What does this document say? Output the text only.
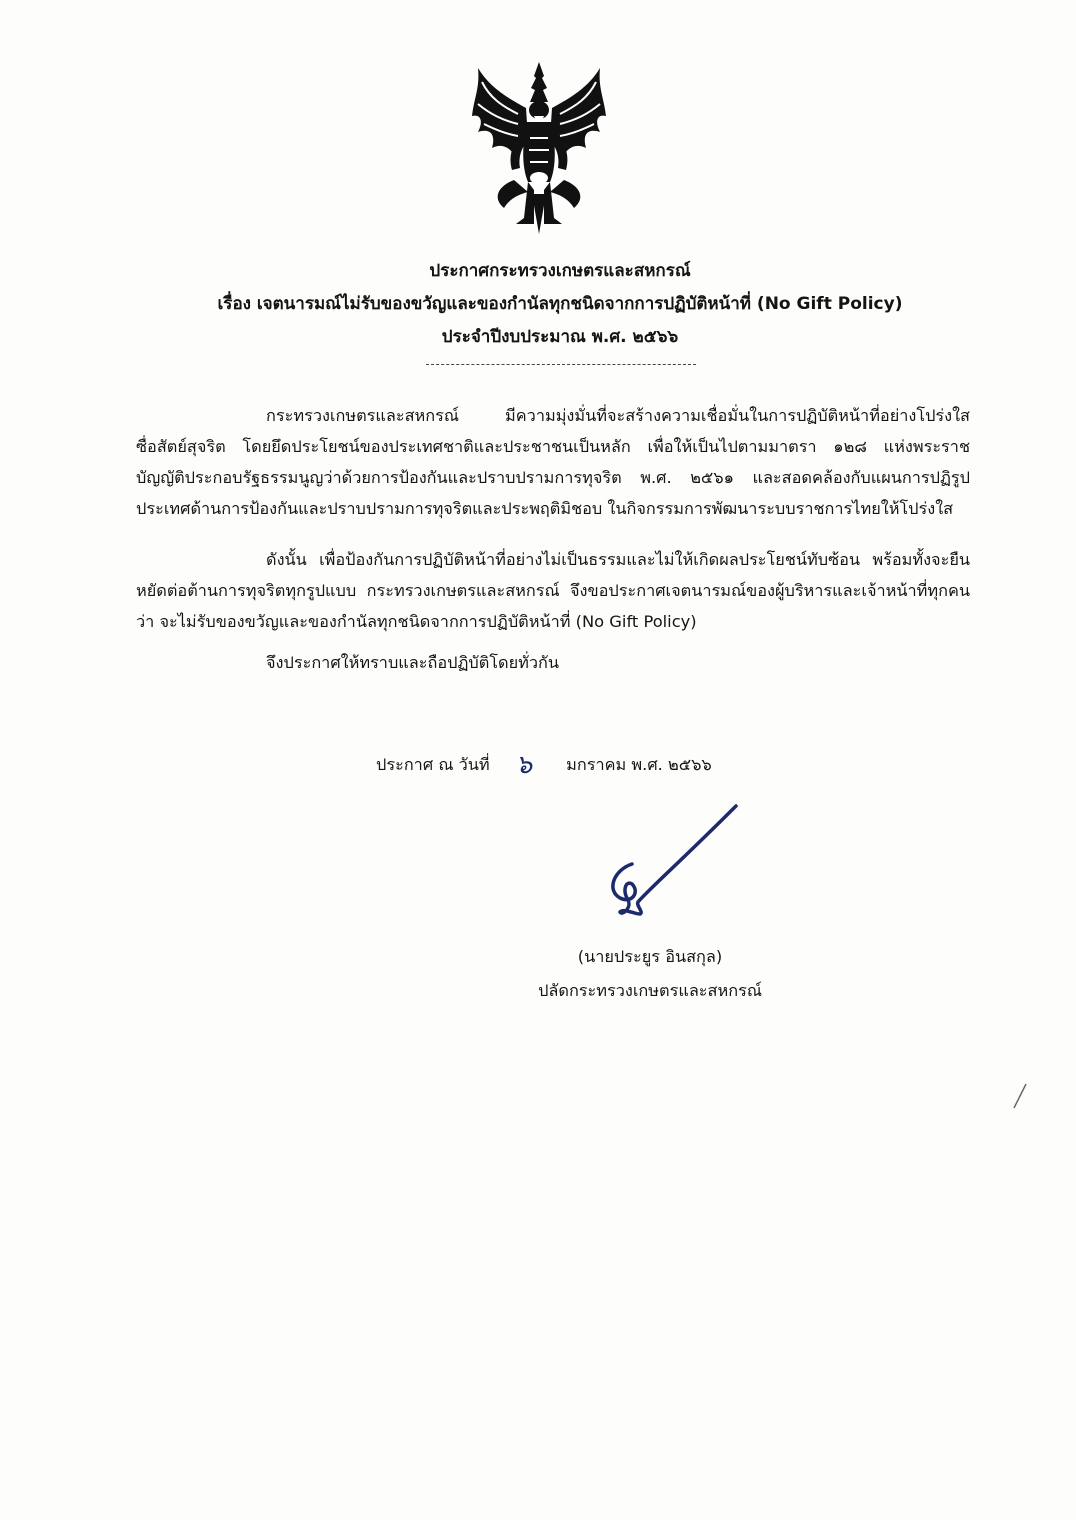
ประกาศกระทรวงเกษตรและสหกรณ์
เรื่อง เจตนารมณ์ไม่รับของขวัญและของกำนัลทุกชนิดจากการปฏิบัติหน้าที่ (No Gift Policy)
ประจำปีงบประมาณ พ.ศ. ๒๕๖๖

กระทรวงเกษตรและสหกรณ์ มีความมุ่งมั่นที่จะสร้างความเชื่อมั่นในการปฏิบัติหน้าที่อย่างโปร่งใส ซื่อสัตย์สุจริต โดยยึดประโยชน์ของประเทศชาติและประชาชนเป็นหลัก เพื่อให้เป็นไปตามมาตรา ๑๒๘ แห่งพระราชบัญญัติประกอบรัฐธรรมนูญว่าด้วยการป้องกันและปราบปรามการทุจริต พ.ศ. ๒๕๖๑ และสอดคล้องกับแผนการปฏิรูปประเทศด้านการป้องกันและปราบปรามการทุจริตและประพฤติมิชอบ ในกิจกรรมการพัฒนาระบบราชการไทยให้โปร่งใส

ดังนั้น เพื่อป้องกันการปฏิบัติหน้าที่อย่างไม่เป็นธรรมและไม่ให้เกิดผลประโยชน์ทับซ้อน พร้อมทั้งจะยืนหยัดต่อต้านการทุจริตทุกรูปแบบ กระทรวงเกษตรและสหกรณ์ จึงขอประกาศเจตนารมณ์ของผู้บริหารและเจ้าหน้าที่ทุกคนว่า จะไม่รับของขวัญและของกำนัลทุกชนิดจากการปฏิบัติหน้าที่ (No Gift Policy)

จึงประกาศให้ทราบและถือปฏิบัติโดยทั่วกัน

ประกาศ ณ วันที่ ๖ มกราคม พ.ศ. ๒๕๖๖
(นายประยูร อินสกุล)
ปลัดกระทรวงเกษตรและสหกรณ์
